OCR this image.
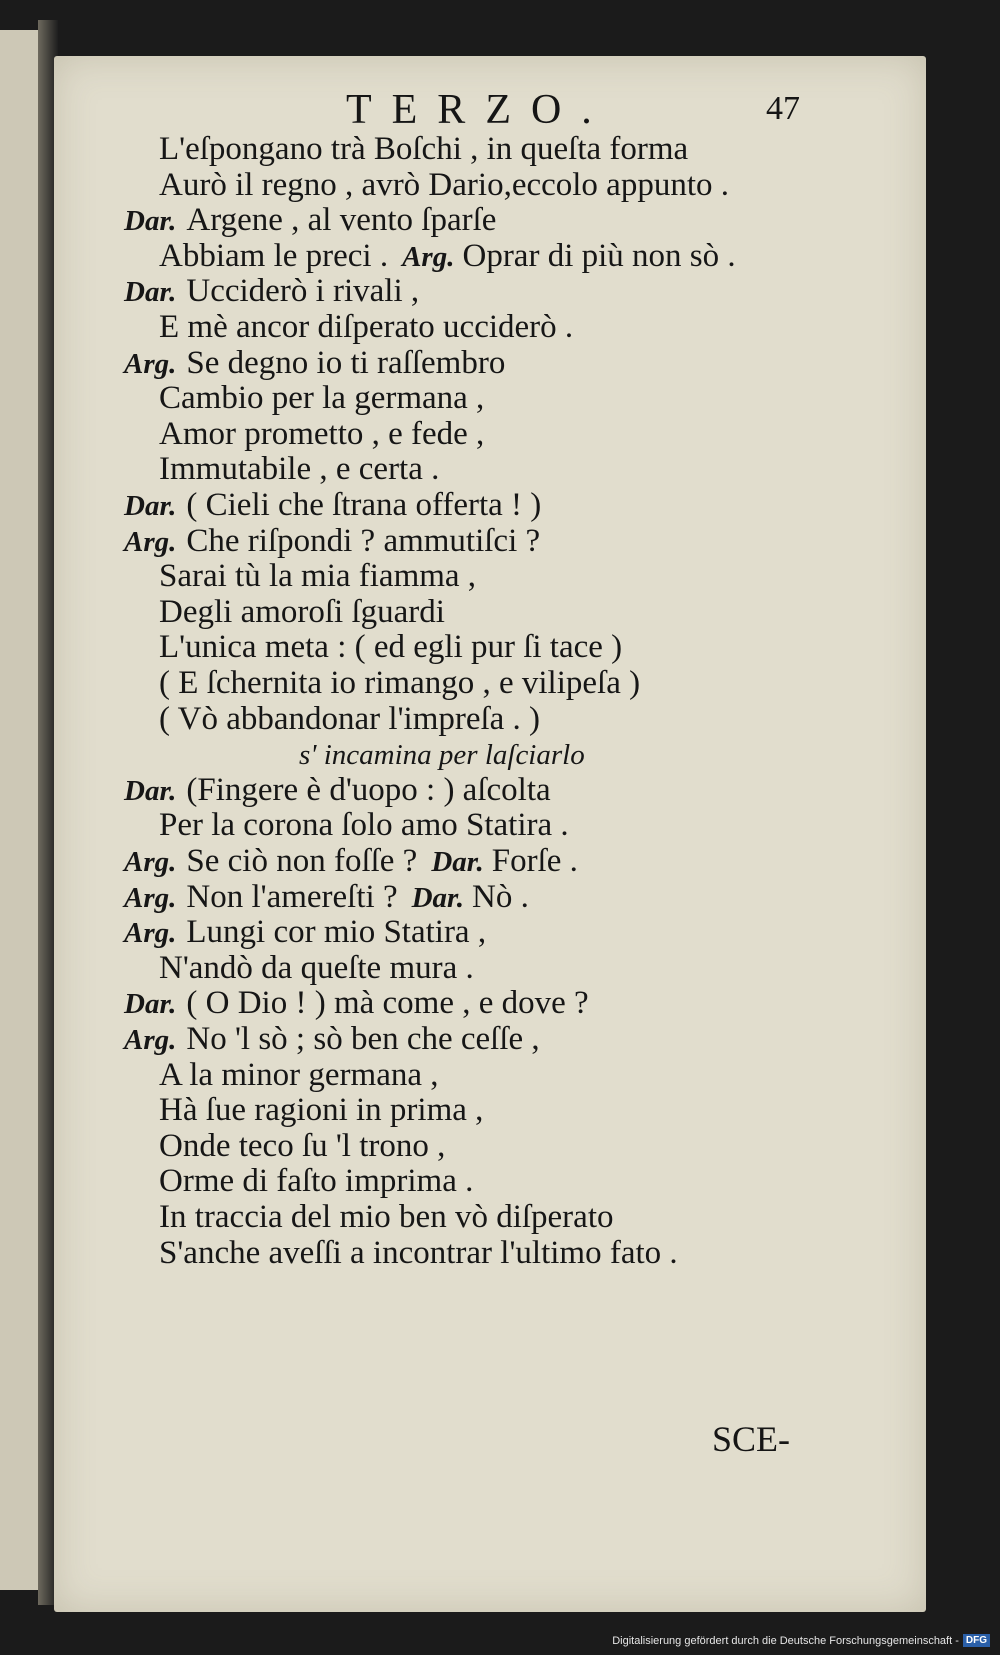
TERZO.	47
L'eſpongano trà Boſchi , in queſta forma
Aurò il regno , avrò Dario,eccolo appunto .
Dar. Argene , al vento ſparſe
Abbiam le preci . Arg. Oprar di più non sò .
Dar. Ucciderò i rivali ,
E mè ancor diſperato ucciderò .
Arg. Se degno io ti raſſembro
Cambio per la germana ,
Amor prometto , e fede ,
Immutabile , e certa .
Dar. ( Cieli che ſtrana offerta ! )
Arg. Che riſpondi ? ammutiſci ?
Sarai tù la mia fiamma ,
Degli amoroſi ſguardi
L'unica meta : ( ed egli pur ſi tace )
( E ſchernita io rimango , e vilipeſa )
( Vò abbandonar l'impreſa . )
s' incamina per laſciarlo
Dar. (Fingere è d'uopo : ) aſcolta
Per la corona ſolo amo Statira .
Arg. Se ciò non foſſe ? Dar. Forſe .
Arg. Non l'amereſti ? Dar. Nò .
Arg. Lungi cor mio Statira ,
N'andò da queſte mura .
Dar. ( O Dio ! ) mà come , e dove ?
Arg. No 'l sò ; sò ben che ceſſe ,
A la minor germana ,
Hà ſue ragioni in prima ,
Onde teco ſu 'l trono ,
Orme di faſto imprima .
In traccia del mio ben vò diſperato
S'anche aveſſi a incontrar l'ultimo fato .
SCE-
Digitalisierung gefördert durch die Deutsche Forschungsgemeinschaft - DFG
